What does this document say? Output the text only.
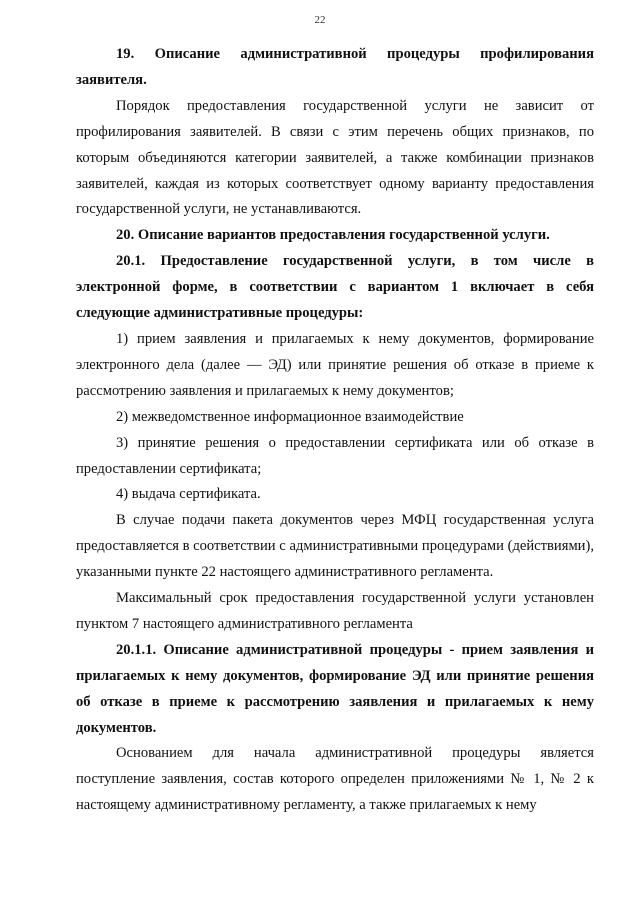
22

19. Описание административной процедуры профилирования заявителя.

Порядок предоставления государственной услуги не зависит от профилирования заявителей. В связи с этим перечень общих признаков, по которым объединяются категории заявителей, а также комбинации признаков заявителей, каждая из которых соответствует одному варианту предоставления государственной услуги, не устанавливаются.

20. Описание вариантов предоставления государственной услуги.

20.1. Предоставление государственной услуги, в том числе в электронной форме, в соответствии с вариантом 1 включает в себя следующие административные процедуры:

1) прием заявления и прилагаемых к нему документов, формирование электронного дела (далее — ЭД) или принятие решения об отказе в приеме к рассмотрению заявления и прилагаемых к нему документов;

2) межведомственное информационное взаимодействие

3) принятие решения о предоставлении сертификата или об отказе в предоставлении сертификата;

4) выдача сертификата.

В случае подачи пакета документов через МФЦ государственная услуга предоставляется в соответствии с административными процедурами (действиями), указанными пункте 22 настоящего административного регламента.

Максимальный срок предоставления государственной услуги установлен пунктом 7 настоящего административного регламента

20.1.1. Описание административной процедуры - прием заявления и прилагаемых к нему документов, формирование ЭД или принятие решения об отказе в приеме к рассмотрению заявления и прилагаемых к нему документов.

Основанием для начала административной процедуры является поступление заявления, состав которого определен приложениями № 1, № 2 к настоящему административному регламенту, а также прилагаемых к нему
